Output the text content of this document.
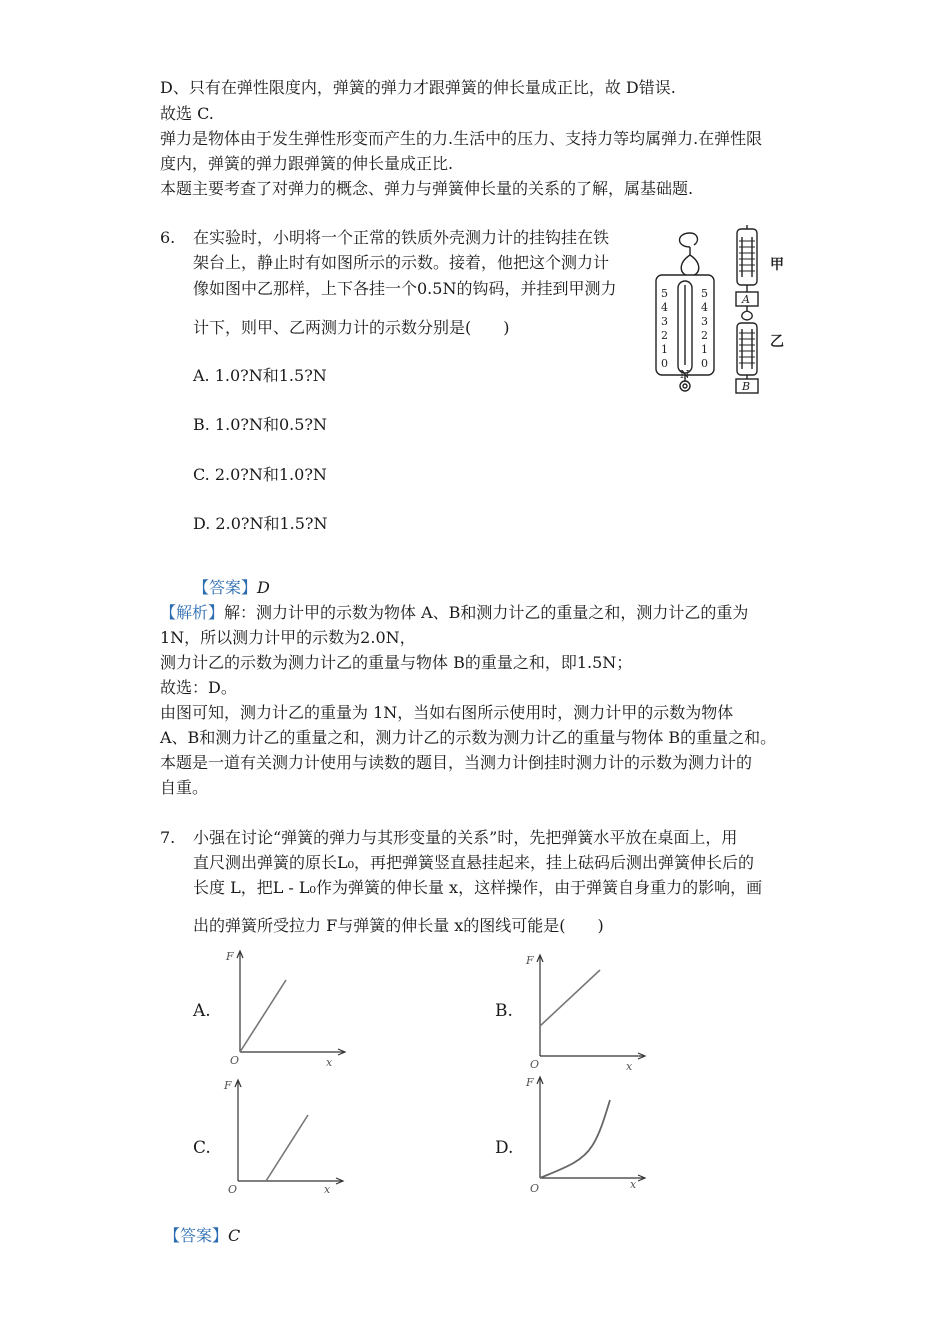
D、只有在弹性限度内，弹簧的弹力才跟弹簧的伸长量成正比，故 D错误.
故选 C.
弹力是物体由于发生弹性形变而产生的力.生活中的压力、支持力等均属弹力.在弹性限
度内，弹簧的弹力跟弹簧的伸长量成正比.
本题主要考查了对弹力的概念、弹力与弹簧伸长量的关系的了解，属基础题.
6. 在实验时，小明将一个正常的铁质外壳测力计的挂钩挂在铁
架台上，静止时有如图所示的示数。接着，他把这个测力计
像如图中乙那样，上下各挂一个0.5N的钩码，并挂到甲测力
计下，则甲、乙两测力计的示数分别是(　　)
A. 1.0?N和1.5?N
B. 1.0?N和0.5?N
C. 2.0?N和1.0?N
D. 2.0?N和1.5?N
5
4
3
2
1
0
5
4
3
2
1
0
N
A
B
甲
乙
【答案】D
【解析】解：测力计甲的示数为物体 A、B和测力计乙的重量之和，测力计乙的重为
1N，所以测力计甲的示数为2.0N，
测力计乙的示数为测力计乙的重量与物体 B的重量之和，即1.5N；
故选：D。
由图可知，测力计乙的重量为 1N，当如右图所示使用时，测力计甲的示数为物体
A、B和测力计乙的重量之和，测力计乙的示数为测力计乙的重量与物体 B的重量之和。
本题是一道有关测力计使用与读数的题目，当测力计倒挂时测力计的示数为测力计的
自重。
7. 小强在讨论“弹簧的弹力与其形变量的关系”时，先把弹簧水平放在桌面上，用
直尺测出弹簧的原长L₀，再把弹簧竖直悬挂起来，挂上砝码后测出弹簧伸长后的
长度 L，把L - L₀作为弹簧的伸长量 x，这样操作，由于弹簧自身重力的影响，画
出的弹簧所受拉力 F与弹簧的伸长量 x的图线可能是(　　)
A.	B.
C.	D.
F
x
O
F
x
O
F
x
O
F
x
O
【答案】C
